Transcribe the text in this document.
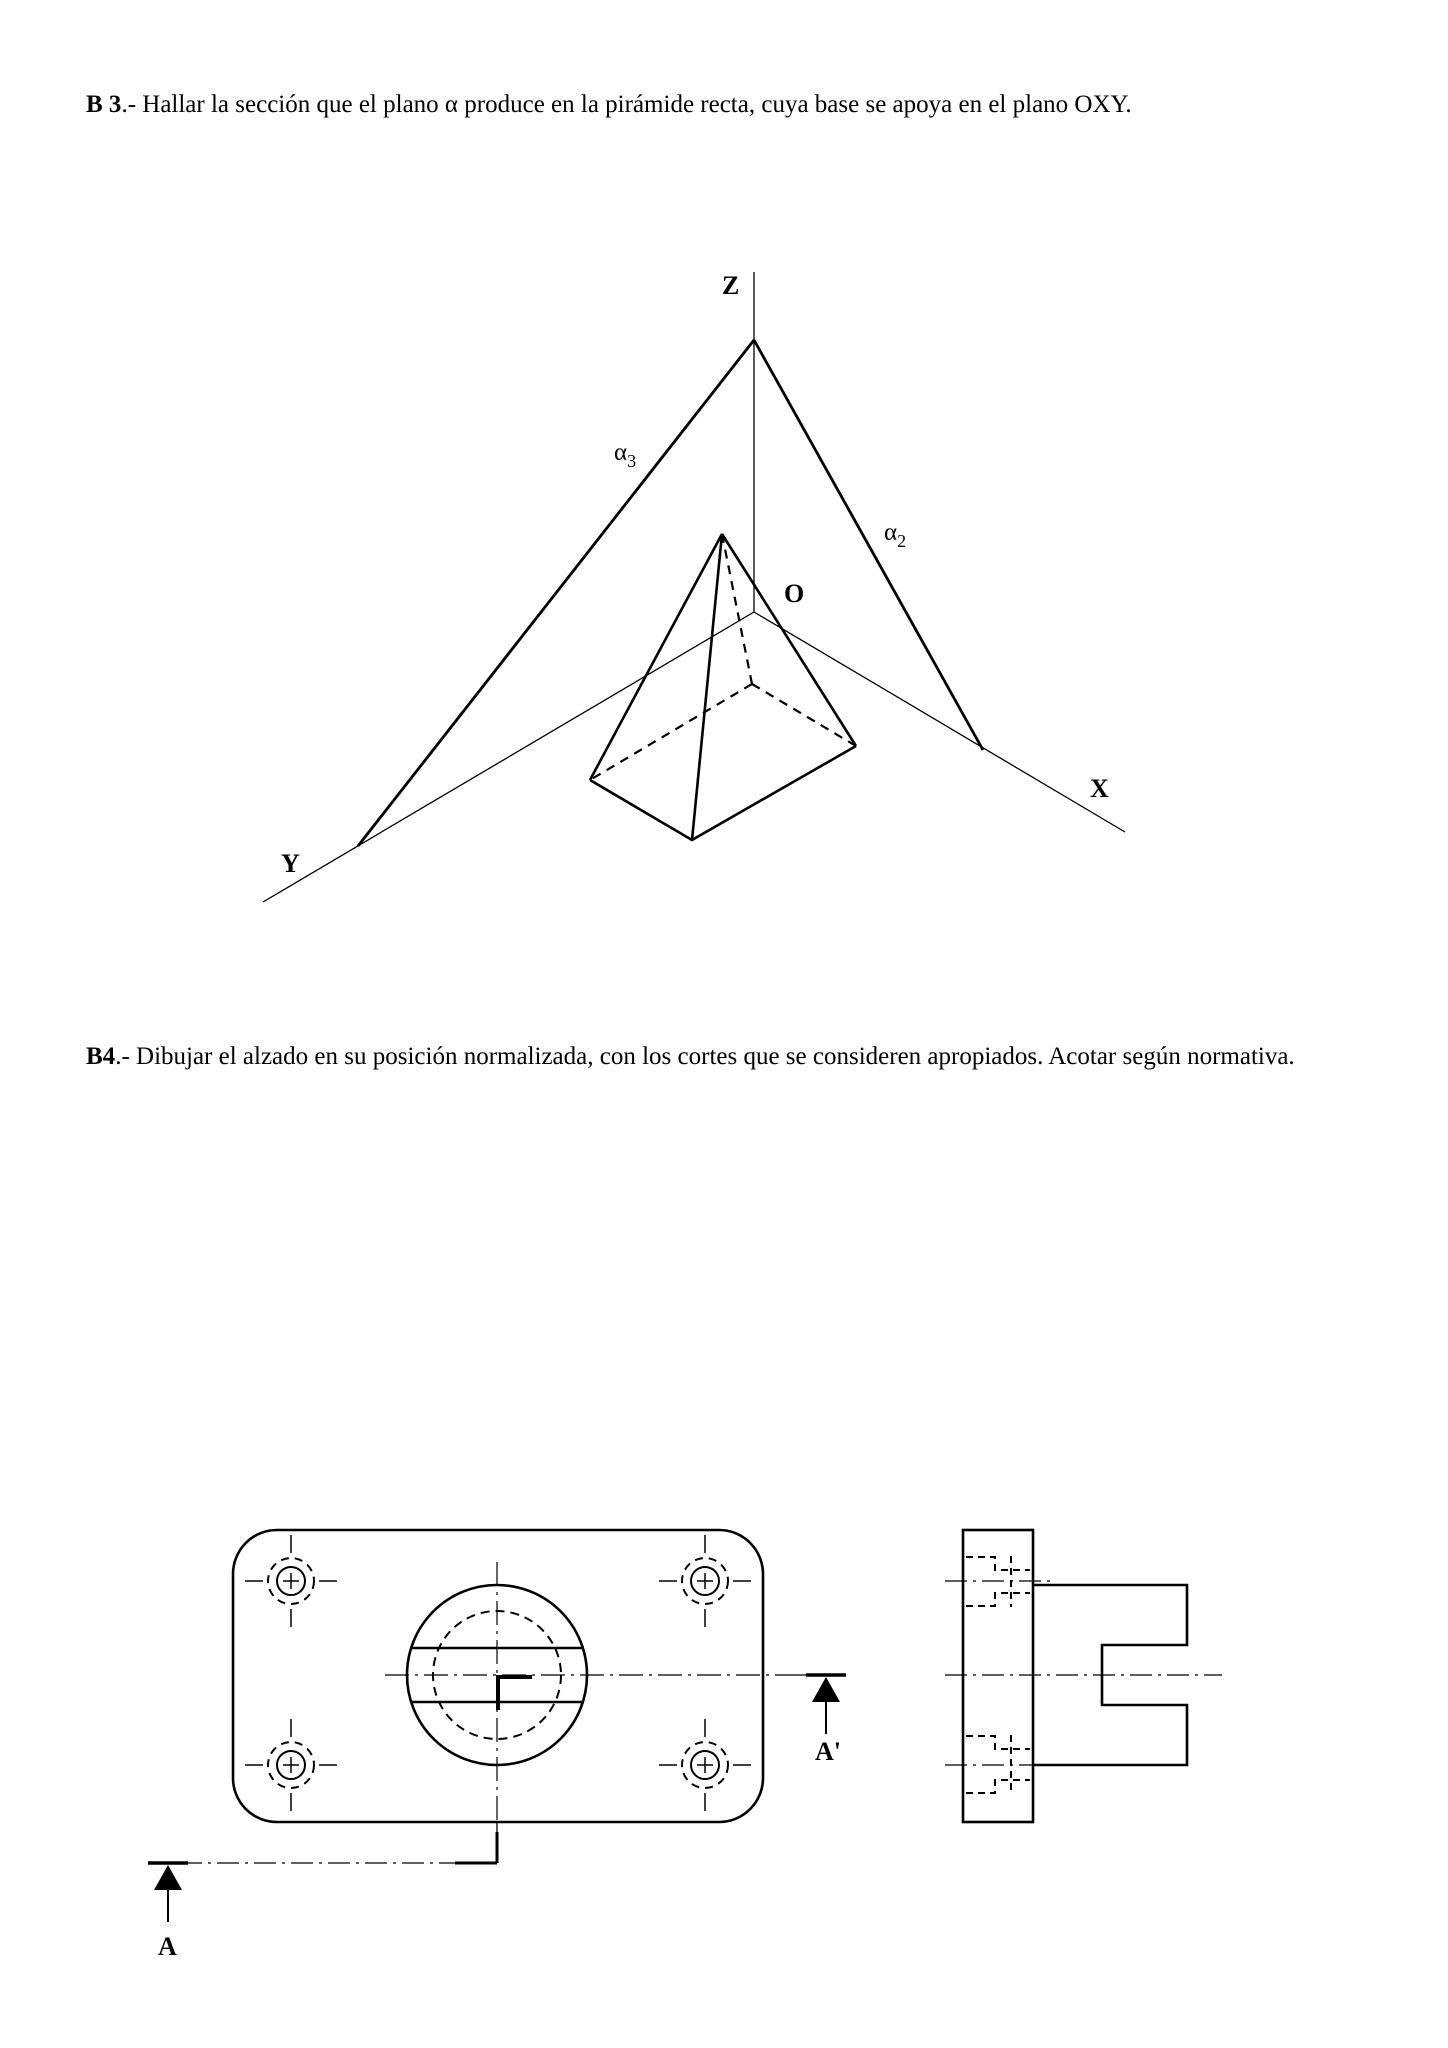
B 3.- Hallar la sección que el plano α produce en la pirámide recta, cuya base se apoya en el plano OXY.
B4.- Dibujar el alzado en su posición normalizada, con los cortes que se consideren apropiados. Acotar según normativa.
Z
O
X
Y
$\alpha_3$
$\alpha_2$
A
A'
